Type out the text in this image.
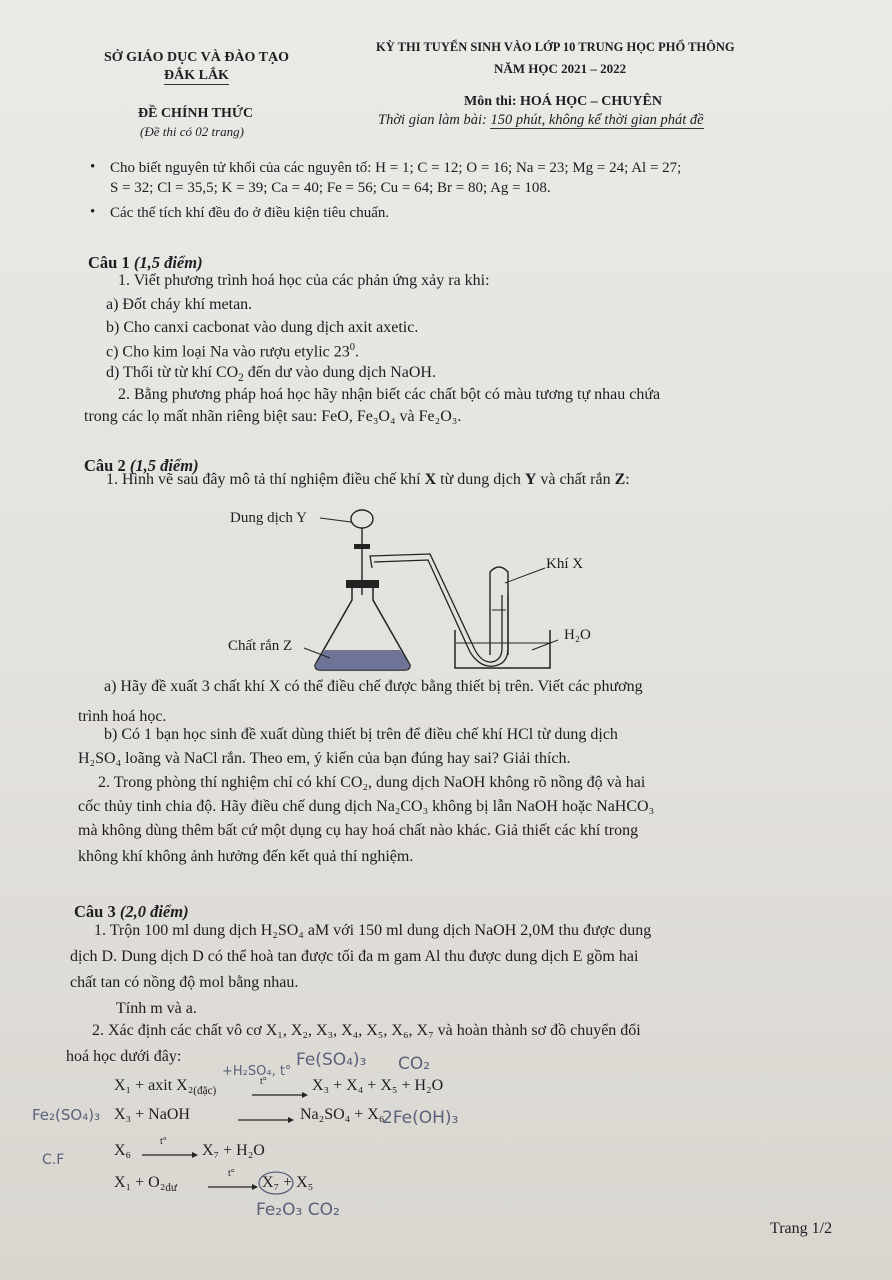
SỞ GIÁO DỤC VÀ ĐÀO TẠO
ĐẮK LẮK
ĐỀ CHÍNH THỨC
(Đề thi có 02 trang)
KỲ THI TUYỂN SINH VÀO LỚP 10 TRUNG HỌC PHỔ THÔNG
NĂM HỌC 2021 – 2022
Môn thi: HOÁ HỌC – CHUYÊN
Thời gian làm bài: 150 phút, không kể thời gian phát đề
• Cho biết nguyên tử khối của các nguyên tố: H = 1; C = 12; O = 16; Na = 23; Mg = 24; Al = 27;
S = 32; Cl = 35,5; K = 39; Ca = 40; Fe = 56; Cu = 64; Br = 80; Ag = 108.
• Các thể tích khí đều đo ở điều kiện tiêu chuẩn.
Câu 1 (1,5 điểm)
1. Viết phương trình hoá học của các phản ứng xảy ra khi:
a) Đốt cháy khí metan.
b) Cho canxi cacbonat vào dung dịch axit axetic.
c) Cho kim loại Na vào rượu etylic $23^0$.
d) Thổi từ từ khí $CO_2$ đến dư vào dung dịch NaOH.
2. Bằng phương pháp hoá học hãy nhận biết các chất bột có màu tương tự nhau chứa
trong các lọ mất nhãn riêng biệt sau: FeO, Fe₃O₄ và Fe₂O₃.
Câu 2 (1,5 điểm)
1. Hình vẽ sau đây mô tả thí nghiệm điều chế khí X từ dung dịch Y và chất rắn Z:
Dung dịch Y
Khí X
H₂O
Chất rắn Z
a) Hãy đề xuất 3 chất khí X có thể điều chế được bằng thiết bị trên. Viết các phương
trình hoá học.
b) Có 1 bạn học sinh đề xuất dùng thiết bị trên để điều chế khí HCl từ dung dịch
H₂SO₄ loãng và NaCl rắn. Theo em, ý kiến của bạn đúng hay sai? Giải thích.
2. Trong phòng thí nghiệm chỉ có khí CO₂, dung dịch NaOH không rõ nồng độ và hai
cốc thủy tinh chia độ. Hãy điều chế dung dịch Na₂CO₃ không bị lẫn NaOH hoặc NaHCO₃
mà không dùng thêm bất cứ một dụng cụ hay hoá chất nào khác. Giả thiết các khí trong
không khí không ảnh hưởng đến kết quả thí nghiệm.
Câu 3 (2,0 điểm)
1. Trộn 100 ml dung dịch H₂SO₄ aM với 150 ml dung dịch NaOH 2,0M thu được dung
dịch D. Dung dịch D có thể hoà tan được tối đa m gam Al thu được dung dịch E gồm hai
chất tan có nồng độ mol bằng nhau.
Tính m và a.
2. Xác định các chất vô cơ X₁, X₂, X₃, X₄, X₅, X₆, X₇ và hoàn thành sơ đồ chuyển đổi
hoá học dưới đây:
X₁ + axit $X_2_{(đặc)}$
t°	X₃ + X₄ + X₅ + H₂O
X₃ + NaOH	Na₂SO₄ + X₆
X₆
t°
X₇ + H₂O
$X_1 + O_2_{dư}$
t°
X₇ + X₅
+H₂SO₄, t°
Fe(SO₄)₃ CO₂
Fe₂(SO₄)₃	2Fe(OH)₃
C.F
Fe₂O₃ CO₂
Trang 1/2
